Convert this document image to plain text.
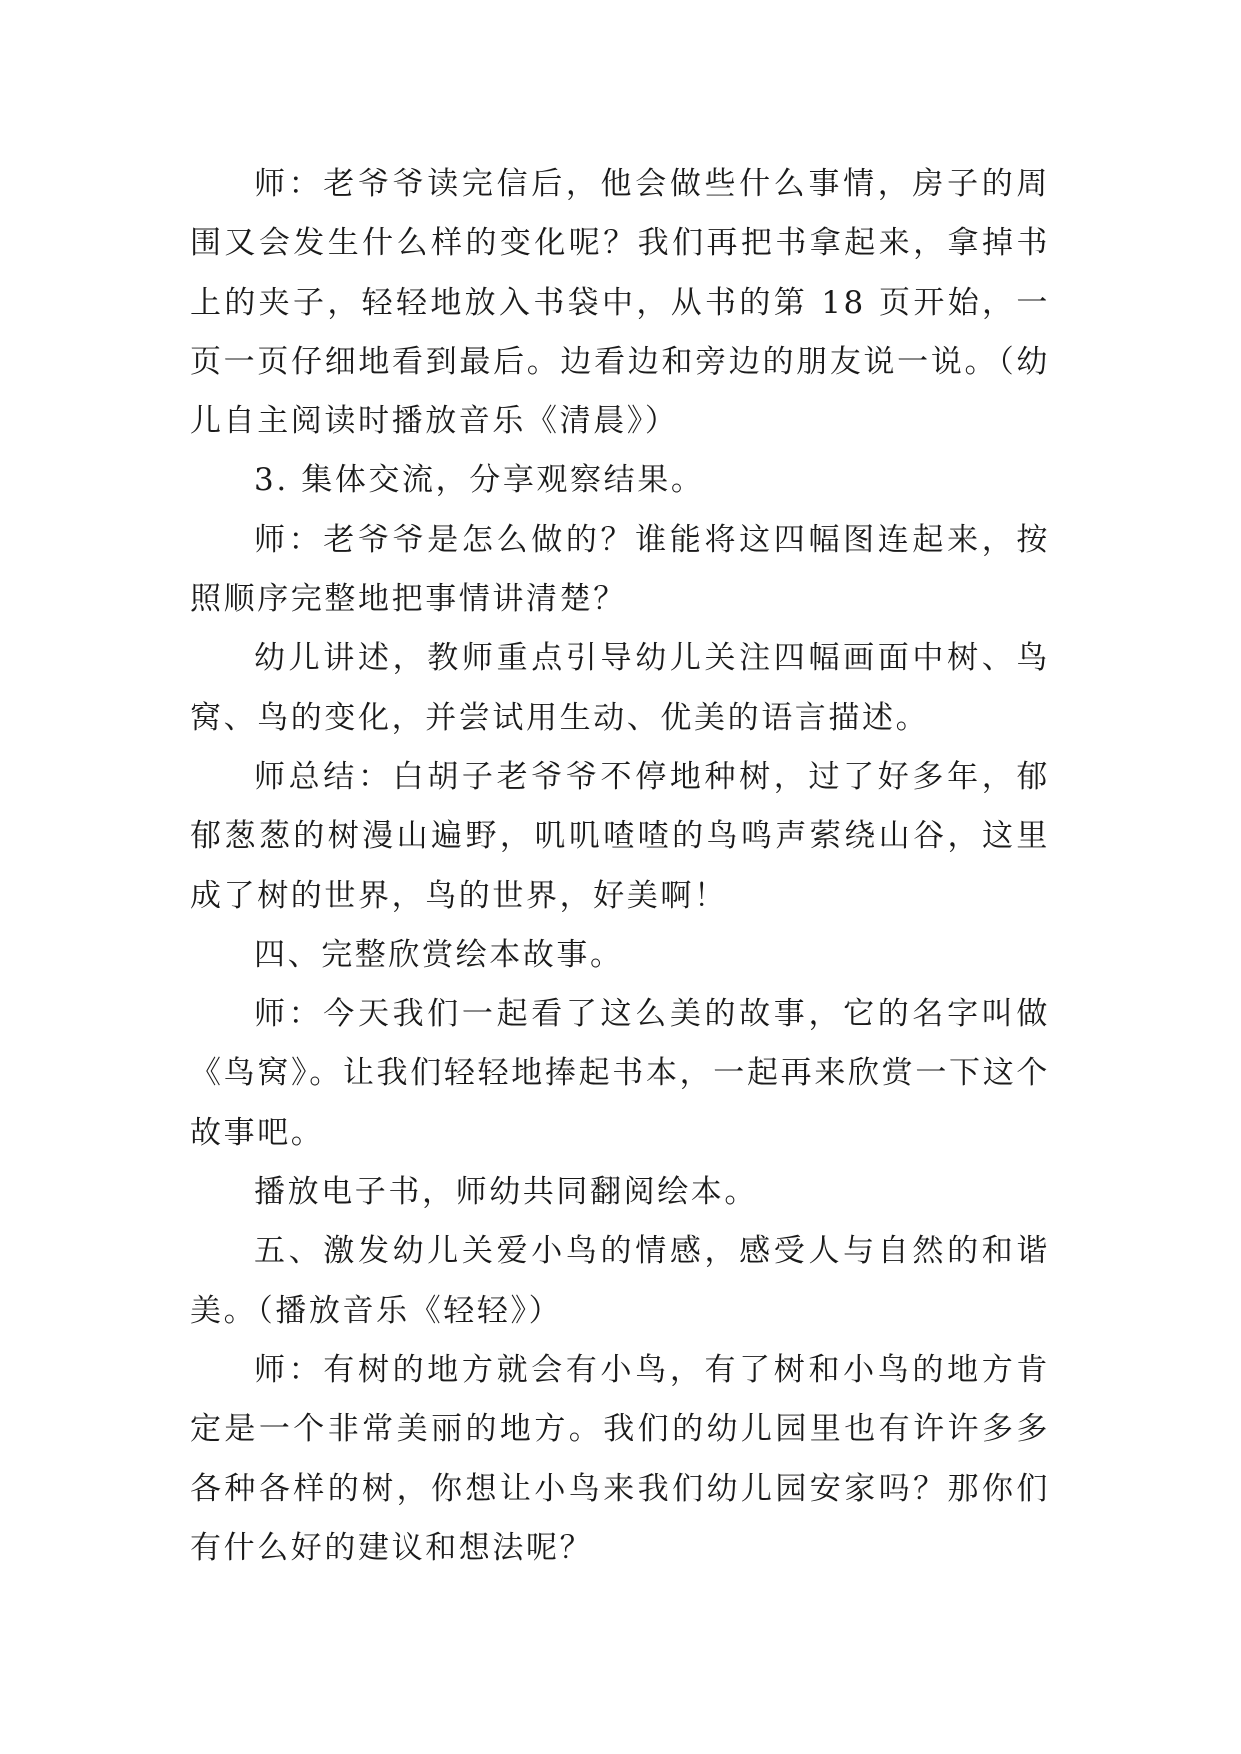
师：老爷爷读完信后，他会做些什么事情，房子的周围又会发生什么样的变化呢？我们再把书拿起来，拿掉书上的夹子，轻轻地放入书袋中，从书的第 18 页开始，一页一页仔细地看到最后。边看边和旁边的朋友说一说。（幼儿自主阅读时播放音乐《清晨》）

3. 集体交流，分享观察结果。

师：老爷爷是怎么做的？谁能将这四幅图连起来，按照顺序完整地把事情讲清楚？

幼儿讲述，教师重点引导幼儿关注四幅画面中树、鸟窝、鸟的变化，并尝试用生动、优美的语言描述。

师总结：白胡子老爷爷不停地种树，过了好多年，郁郁葱葱的树漫山遍野，叽叽喳喳的鸟鸣声萦绕山谷，这里成了树的世界，鸟的世界，好美啊！

四、完整欣赏绘本故事。

师：今天我们一起看了这么美的故事，它的名字叫做《鸟窝》。让我们轻轻地捧起书本，一起再来欣赏一下这个故事吧。

播放电子书，师幼共同翻阅绘本。

五、激发幼儿关爱小鸟的情感，感受人与自然的和谐美。（播放音乐《轻轻》）

师：有树的地方就会有小鸟，有了树和小鸟的地方肯定是一个非常美丽的地方。我们的幼儿园里也有许许多多各种各样的树，你想让小鸟来我们幼儿园安家吗？那你们有什么好的建议和想法呢？
